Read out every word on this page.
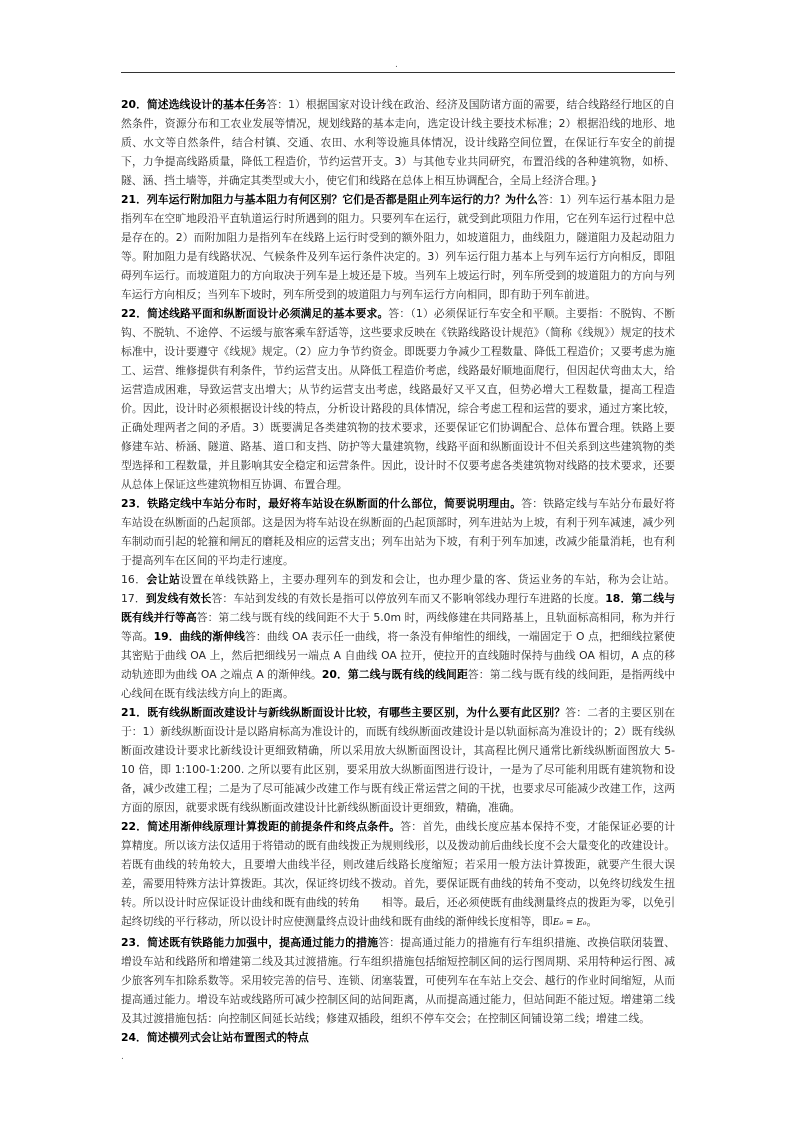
.

20．简述选线设计的基本任务答：1）根据国家对设计线在政治、经济及国防诸方面的需要，结合线路经行地区的自然条件，资源分布和工农业发展等情况，规划线路的基本走向，选定设计线主要技术标准；2）根据沿线的地形、地质、水文等自然条件，结合村镇、交通、农田、水利等设施具体情况，设计线路空间位置，在保证行车安全的前提下，力争提高线路质量，降低工程造价，节约运营开支。3）与其他专业共同研究，布置沿线的各种建筑物，如桥、隧、涵、挡土墙等，并确定其类型或大小，使它们和线路在总体上相互协调配合，全局上经济合理。}

21．列车运行附加阻力与基本阻力有何区别？它们是否都是阻止列车运行的力？为什么答：1）列车运行基本阻力是指列车在空旷地段沿平直轨道运行时所遇到的阻力。只要列车在运行，就受到此项阻力作用，它在列车运行过程中总是存在的。2）而附加阻力是指列车在线路上运行时受到的额外阻力，如坡道阻力，曲线阻力，隧道阻力及起动阻力等。附加阻力是有线路状况、气候条件及列车运行条件决定的。3）列车运行阻力基本上与列车运行方向相反，即阻碍列车运行。而坡道阻力的方向取决于列车是上坡还是下坡。当列车上坡运行时，列车所受到的坡道阻力的方向与列车运行方向相反；当列车下坡时，列车所受到的坡道阻力与列车运行方向相同，即有助于列车前进。

22．简述线路平面和纵断面设计必须满足的基本要求。答：（1）必须保证行车安全和平顺。主要指：不脱钩、不断钩、不脱轨、不途停、不运缓与旅客乘车舒适等，这些要求反映在《铁路线路设计规范》（简称《线规》）规定的技术标准中，设计要遵守《线规》规定。（2）应力争节约资金。即既要力争减少工程数量、降低工程造价；又要考虑为施工、运营、维修提供有利条件，节约运营支出。从降低工程造价考虑，线路最好顺地面爬行，但因起伏弯曲太大，给运营造成困难，导致运营支出增大；从节约运营支出考虑，线路最好又平又直，但势必增大工程数量，提高工程造价。因此，设计时必须根据设计线的特点，分析设计路段的具体情况，综合考虑工程和运营的要求，通过方案比较，正确处理两者之间的矛盾。3）既要满足各类建筑物的技术要求，还要保证它们协调配合、总体布置合理。铁路上要修建车站、桥涵、隧道、路基、道口和支挡、防护等大量建筑物，线路平面和纵断面设计不但关系到这些建筑物的类型选择和工程数量，并且影响其安全稳定和运营条件。因此，设计时不仅要考虑各类建筑物对线路的技术要求，还要从总体上保证这些建筑物相互协调、布置合理。

23．铁路定线中车站分布时，最好将车站设在纵断面的什么部位，简要说明理由。答：铁路定线与车站分布最好将车站设在纵断面的凸起顶部。这是因为将车站设在纵断面的凸起顶部时，列车进站为上坡，有利于列车减速，减少列车制动而引起的轮箍和闸瓦的磨耗及相应的运营支出；列车出站为下坡，有利于列车加速，改减少能量消耗，也有利于提高列车在区间的平均走行速度。

16．会让站设置在单线铁路上，主要办理列车的到发和会让，也办理少量的客、货运业务的车站，称为会让站。17．到发线有效长答：车站到发线的有效长是指可以停放列车而又不影响邻线办理行车进路的长度。18．第二线与既有线并行等高答：第二线与既有线的线间距不大于 5.0m 时，两线修建在共同路基上，且轨面标高相同，称为并行等高。19．曲线的渐伸线答：曲线 OA 表示任一曲线，将一条没有伸缩性的细线，一端固定于 O 点，把细线拉紧使其密贴于曲线 OA 上，然后把细线另一端点 A 自曲线 OA 拉开，使拉开的直线随时保持与曲线 OA 相切，A 点的移动轨迹即为曲线 OA 之端点 A 的渐伸线。20．第二线与既有线的线间距答：第二线与既有线的线间距，是指两线中心线间在既有线法线方向上的距离。

21．既有线纵断面改建设计与新线纵断面设计比较，有哪些主要区别，为什么要有此区别？答：二者的主要区别在于：1）新线纵断面设计是以路肩标高为准设计的，而既有线纵断面改建设计是以轨面标高为准设计的；2）既有线纵断面改建设计要求比新线设计更细致精确，所以采用放大纵断面图设计，其高程比例尺通常比新线纵断面图放大 5-10 倍，即 1:100-1:200. 之所以要有此区别，要采用放大纵断面图进行设计，一是为了尽可能利用既有建筑物和设备，减少改建工程；二是为了尽可能减少改建工作与既有线正常运营之间的干扰，也要求尽可能减少改建工作，这两方面的原因，就要求既有线纵断面改建设计比新线纵断面设计更细致，精确，准确。

22．简述用渐伸线原理计算拨距的前提条件和终点条件。答：首先，曲线长度应基本保持不变，才能保证必要的计算精度。所以该方法仅适用于将错动的既有曲线拨正为规则线形，以及拨动前后曲线长度不会大量变化的改建设计。若既有曲线的转角较大，且要增大曲线半径，则改建后线路长度缩短；若采用一般方法计算拨距，就要产生很大误差，需要用特殊方法计算拨距。其次，保证终切线不拨动。首先，要保证既有曲线的转角不变动，以免终切线发生扭转。所以设计时应保证设计曲线和既有曲线的转角　　相等。最后，还必须使既有曲线测量终点的拨距为零，以免引起终切线的平行移动，所以设计时应使测量终点设计曲线和既有曲线的渐伸线长度相等，即E₀ = E₀。

23．简述既有铁路能力加强中，提高通过能力的措施答：提高通过能力的措施有行车组织措施、改换信联闭装置、增设车站和线路所和增建第二线及其过渡措施。行车组织措施包括缩短控制区间的运行图周期、采用特种运行图、减少旅客列车扣除系数等。采用较完善的信号、连锁、闭塞装置，可使列车在车站上交会、越行的作业时间缩短，从而提高通过能力。增设车站或线路所可减少控制区间的站间距离，从而提高通过能力，但站间距不能过短。增建第二线及其过渡措施包括：向控制区间延长站线；修建双插段，组织不停车交会；在控制区间铺设第二线；增建二线。

24．简述横列式会让站布置图式的特点

.
